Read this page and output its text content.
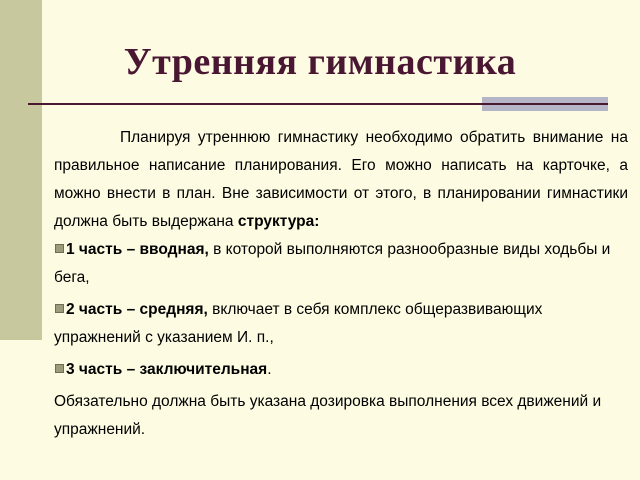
Утренняя гимнастика

Планируя утреннюю гимнастику необходимо обратить внимание на правильное написание планирования. Его можно написать на карточке, а можно внести в план. Вне зависимости от этого, в планировании гимнастики должна быть выдержана структура:

1 часть – вводная, в которой выполняются разнообразные виды ходьбы и бега,

2 часть – средняя, включает в себя комплекс общеразвивающих упражнений с указанием И. п.,

3 часть – заключительная.

Обязательно должна быть указана дозировка выполнения всех движений и упражнений.
